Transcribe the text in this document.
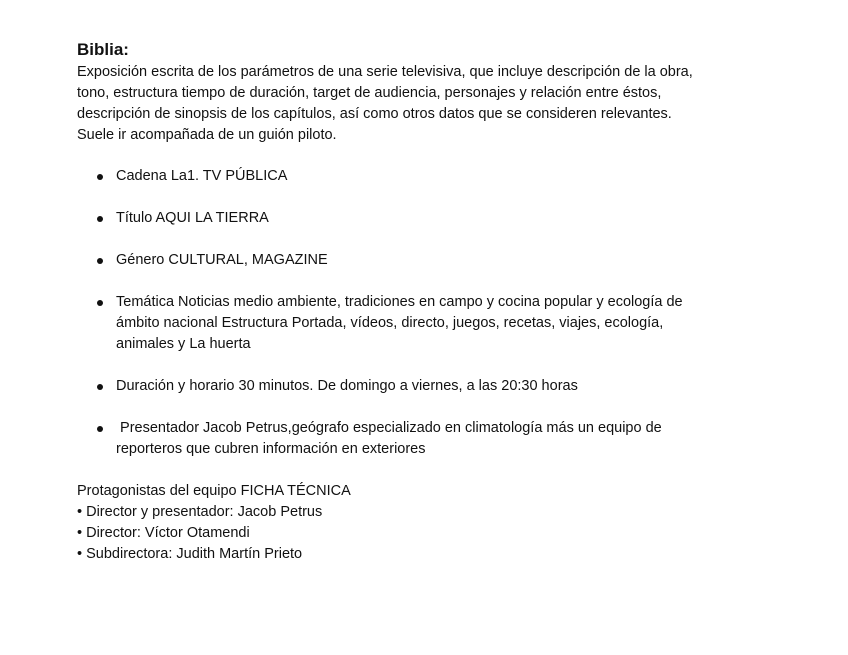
Biblia:
Exposición escrita de los parámetros de una serie televisiva, que incluye descripción de la obra,
tono, estructura tiempo de duración, target de audiencia, personajes y relación entre éstos,
descripción de sinopsis de los capítulos, así como otros datos que se consideren relevantes.
Suele ir acompañada de un guión piloto.
Cadena La1. TV PÚBLICA
Título AQUI LA TIERRA
Género CULTURAL, MAGAZINE
Temática Noticias medio ambiente, tradiciones en campo y cocina popular y ecología de
ámbito nacional Estructura Portada, vídeos, directo, juegos, recetas, viajes, ecología,
animales y La huerta
Duración y horario 30 minutos. De domingo a viernes, a las 20:30 horas
Presentador Jacob Petrus,geógrafo especializado en climatología más un equipo de
reporteros que cubren información en exteriores
Protagonistas del equipo FICHA TÉCNICA
• Director y presentador: Jacob Petrus
• Director: Víctor Otamendi
• Subdirectora: Judith Martín Prieto
